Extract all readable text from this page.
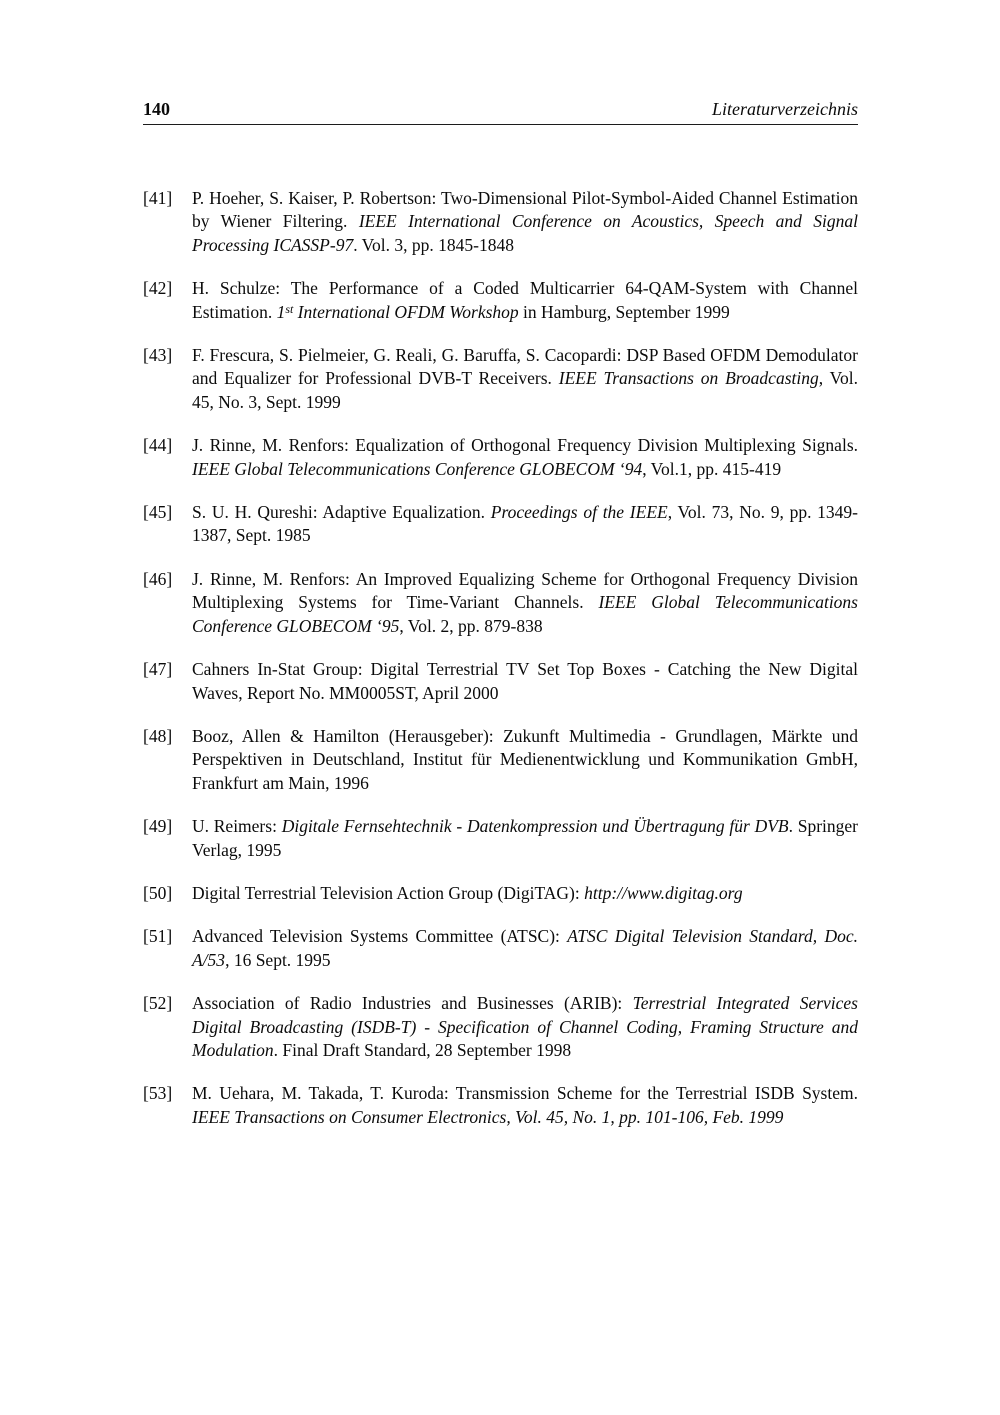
140	Literaturverzeichnis
[41]	P. Hoeher, S. Kaiser, P. Robertson: Two-Dimensional Pilot-Symbol-Aided Channel Estimation by Wiener Filtering. IEEE International Conference on Acoustics, Speech and Signal Processing ICASSP-97. Vol. 3, pp. 1845-1848
[42]	H. Schulze: The Performance of a Coded Multicarrier 64-QAM-System with Channel Estimation. 1st International OFDM Workshop in Hamburg, September 1999
[43]	F. Frescura, S. Pielmeier, G. Reali, G. Baruffa, S. Cacopardi: DSP Based OFDM Demodulator and Equalizer for Professional DVB-T Receivers. IEEE Transactions on Broadcasting, Vol. 45, No. 3, Sept. 1999
[44]	J. Rinne, M. Renfors: Equalization of Orthogonal Frequency Division Multiplexing Signals. IEEE Global Telecommunications Conference GLOBECOM ‘94, Vol.1, pp. 415-419
[45]	S. U. H. Qureshi: Adaptive Equalization. Proceedings of the IEEE, Vol. 73, No. 9, pp. 1349-1387, Sept. 1985
[46]	J. Rinne, M. Renfors: An Improved Equalizing Scheme for Orthogonal Frequency Division Multiplexing Systems for Time-Variant Channels. IEEE Global Telecommunications Conference GLOBECOM ‘95, Vol. 2, pp. 879-838
[47]	Cahners In-Stat Group: Digital Terrestrial TV Set Top Boxes - Catching the New Digital Waves, Report No. MM0005ST, April 2000
[48]	Booz, Allen & Hamilton (Herausgeber): Zukunft Multimedia - Grundlagen, Märkte und Perspektiven in Deutschland, Institut für Medienentwicklung und Kommunikation GmbH, Frankfurt am Main, 1996
[49]	U. Reimers: Digitale Fernsehtechnik - Datenkompression und Übertragung für DVB. Springer Verlag, 1995
[50]	Digital Terrestrial Television Action Group (DigiTAG): http://www.digitag.org
[51]	Advanced Television Systems Committee (ATSC): ATSC Digital Television Standard, Doc. A/53, 16 Sept. 1995
[52]	Association of Radio Industries and Businesses (ARIB): Terrestrial Integrated Services Digital Broadcasting (ISDB-T) - Specification of Channel Coding, Framing Structure and Modulation. Final Draft Standard, 28 September 1998
[53]	M. Uehara, M. Takada, T. Kuroda: Transmission Scheme for the Terrestrial ISDB System. IEEE Transactions on Consumer Electronics, Vol. 45, No. 1, pp. 101-106, Feb. 1999
